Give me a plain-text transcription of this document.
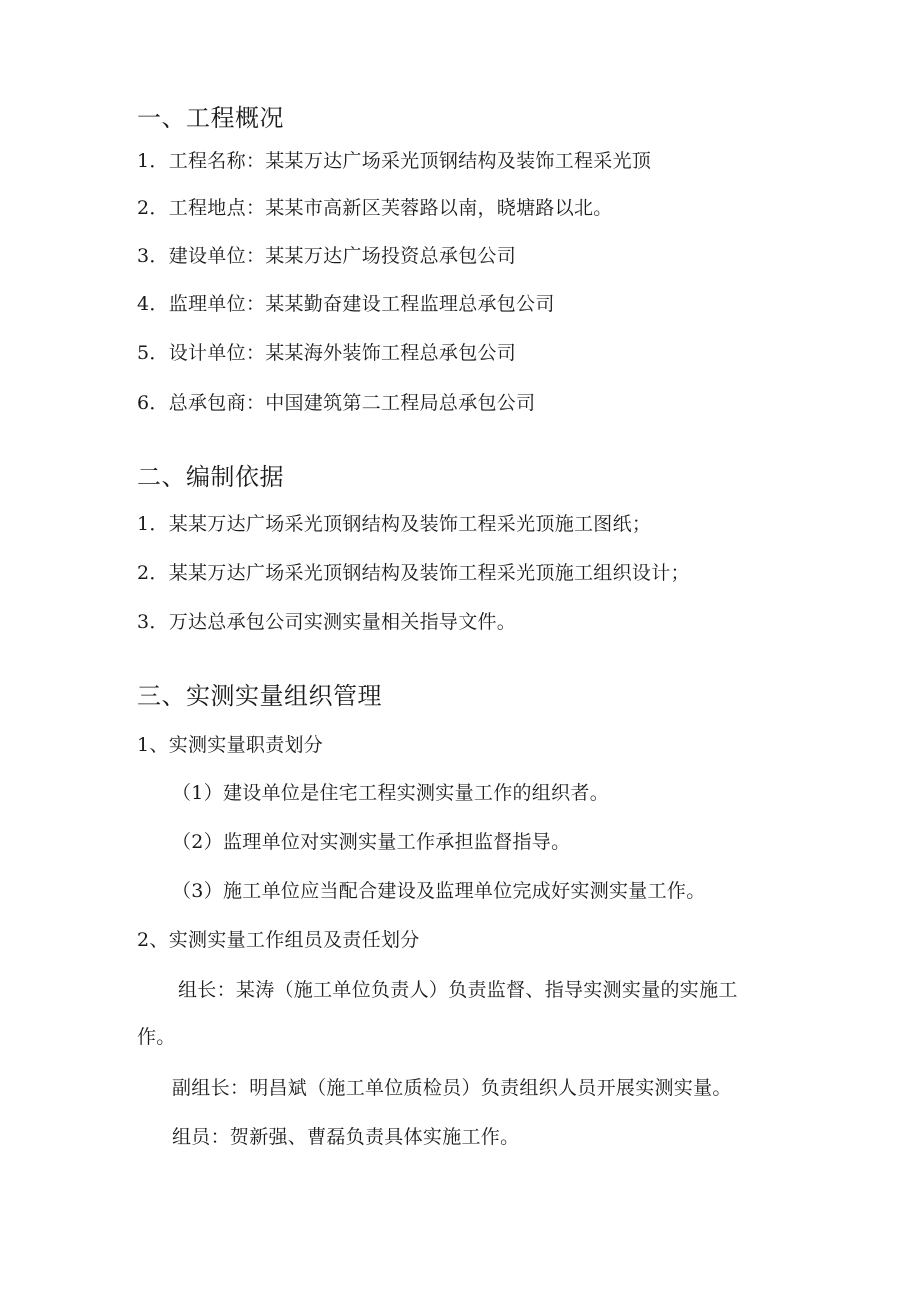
一、工程概况
1．工程名称：某某万达广场采光顶钢结构及装饰工程采光顶
2．工程地点：某某市高新区芙蓉路以南，晓塘路以北。
3．建设单位：某某万达广场投资总承包公司
4．监理单位：某某勤奋建设工程监理总承包公司
5．设计单位：某某海外装饰工程总承包公司
6．总承包商：中国建筑第二工程局总承包公司
二、编制依据
1．某某万达广场采光顶钢结构及装饰工程采光顶施工图纸；
2．某某万达广场采光顶钢结构及装饰工程采光顶施工组织设计；
3．万达总承包公司实测实量相关指导文件。
三、实测实量组织管理
1、实测实量职责划分
（1）建设单位是住宅工程实测实量工作的组织者。
（2）监理单位对实测实量工作承担监督指导。
（3）施工单位应当配合建设及监理单位完成好实测实量工作。
2、实测实量工作组员及责任划分
组长：某涛（施工单位负责人）负责监督、指导实测实量的实施工
作。
副组长：明昌斌（施工单位质检员）负责组织人员开展实测实量。
组员：贺新强、曹磊负责具体实施工作。
